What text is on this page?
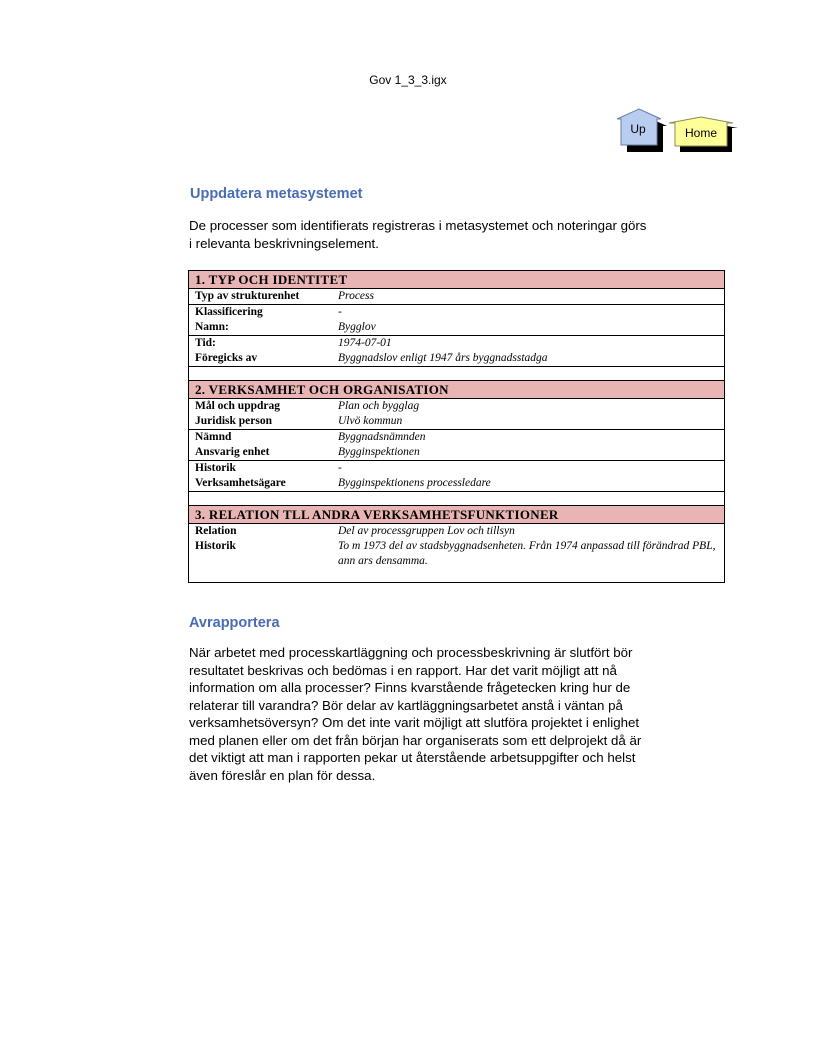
Gov 1_3_3.igx
Up	Home
Uppdatera metasystemet

De processer som identifierats registreras i metasystemet och noteringar görs
i relevanta beskrivningselement.

1. TYP OCH IDENTITET
Typ av strukturenhet	Process
Klassificering
Namn:
-
Bygglov
Tid:
Föregicks av
1974-07-01
Byggnadslov enligt 1947 års byggnadsstadga
2. VERKSAMHET OCH ORGANISATION
Mål och uppdrag
Juridisk person
Plan och bygglag
Ulvö kommun
Nämnd
Ansvarig enhet
Byggnadsnämnden
Bygginspektionen
Historik
Verksamhetsägare
-
Bygginspektionens processledare
3. RELATION TLL ANDRA VERKSAMHETSFUNKTIONER
Relation
Historik
Del av processgruppen Lov och tillsyn
To m 1973 del av stadsbyggnadsenheten. Från 1974 anpassad till förändrad PBL, ann ars densamma.
Avrapportera

När arbetet med processkartläggning och processbeskrivning är slutfört bör
resultatet beskrivas och bedömas i en rapport. Har det varit möjligt att nå
information om alla processer? Finns kvarstående frågetecken kring hur de
relaterar till varandra? Bör delar av kartläggningsarbetet anstå i väntan på
verksamhetsöversyn? Om det inte varit möjligt att slutföra projektet i enlighet
med planen eller om det från början har organiserats som ett delprojekt då är
det viktigt att man i rapporten pekar ut återstående arbetsuppgifter och helst
även föreslår en plan för dessa.
